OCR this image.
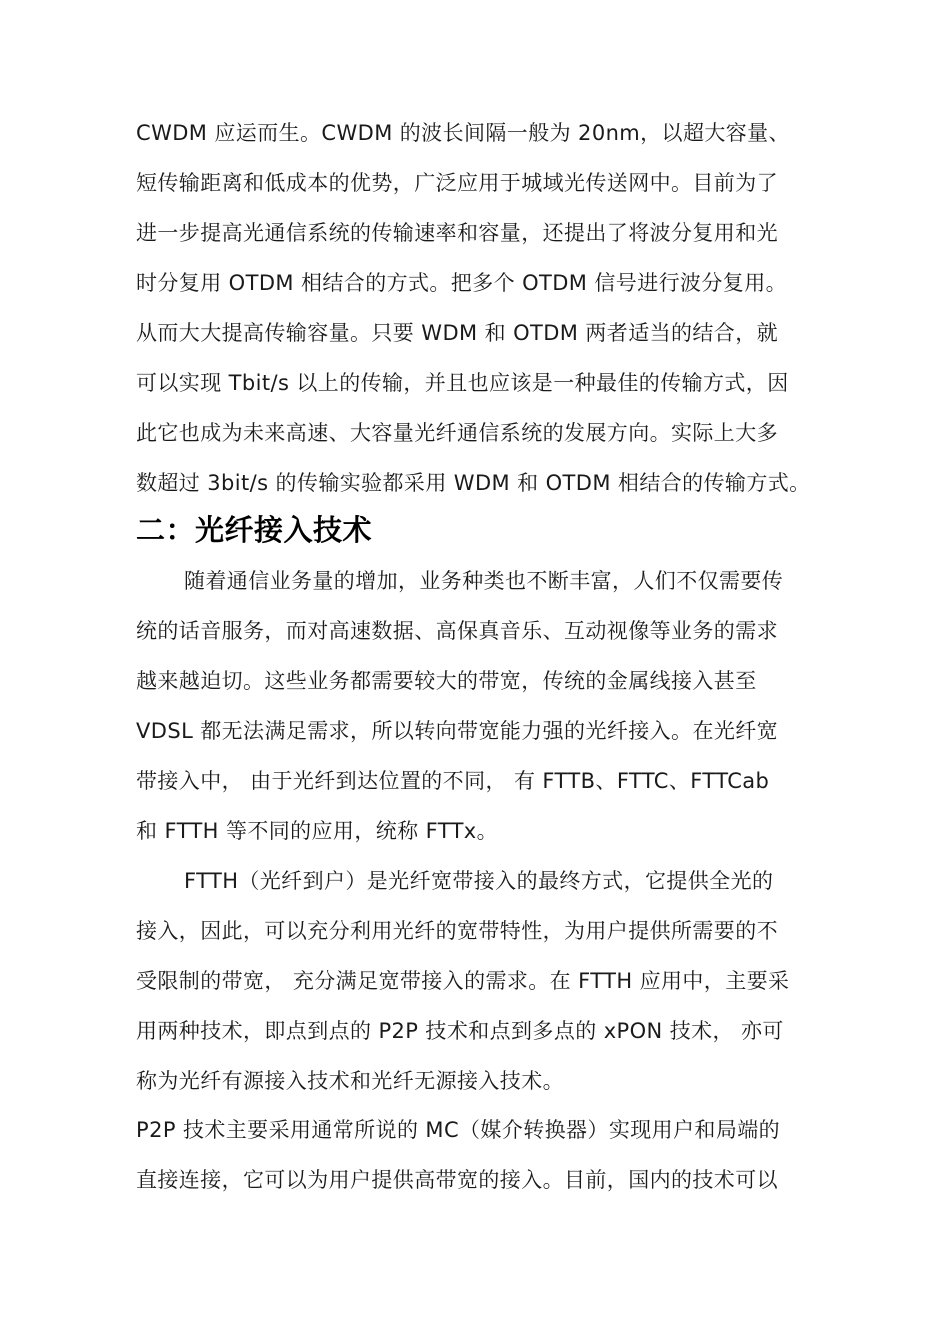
CWDM 应运而生。CWDM 的波长间隔一般为 20nm，以超大容量、
短传输距离和低成本的优势，广泛应用于城域光传送网中。目前为了
进一步提高光通信系统的传输速率和容量，还提出了将波分复用和光
时分复用 OTDM 相结合的方式。把多个 OTDM 信号进行波分复用。
从而大大提高传输容量。只要 WDM 和 OTDM 两者适当的结合，就
可以实现 Tbit/s 以上的传输，并且也应该是一种最佳的传输方式，因
此它也成为未来高速、大容量光纤通信系统的发展方向。实际上大多
数超过 3bit/s 的传输实验都采用 WDM 和 OTDM 相结合的传输方式。
二：光纤接入技术
随着通信业务量的增加，业务种类也不断丰富，人们不仅需要传
统的话音服务，而对高速数据、高保真音乐、互动视像等业务的需求
越来越迫切。这些业务都需要较大的带宽，传统的金属线接入甚至
VDSL 都无法满足需求，所以转向带宽能力强的光纤接入。在光纤宽
带接入中， 由于光纤到达位置的不同， 有 FTTB、FTTC、FTTCab
和 FTTH 等不同的应用，统称 FTTx。
FTTH（光纤到户）是光纤宽带接入的最终方式，它提供全光的
接入，因此，可以充分利用光纤的宽带特性，为用户提供所需要的不
受限制的带宽， 充分满足宽带接入的需求。在 FTTH 应用中，主要采
用两种技术，即点到点的 P2P 技术和点到多点的 xPON 技术， 亦可
称为光纤有源接入技术和光纤无源接入技术。
P2P 技术主要采用通常所说的 MC（媒介转换器）实现用户和局端的
直接连接，它可以为用户提供高带宽的接入。目前，国内的技术可以
